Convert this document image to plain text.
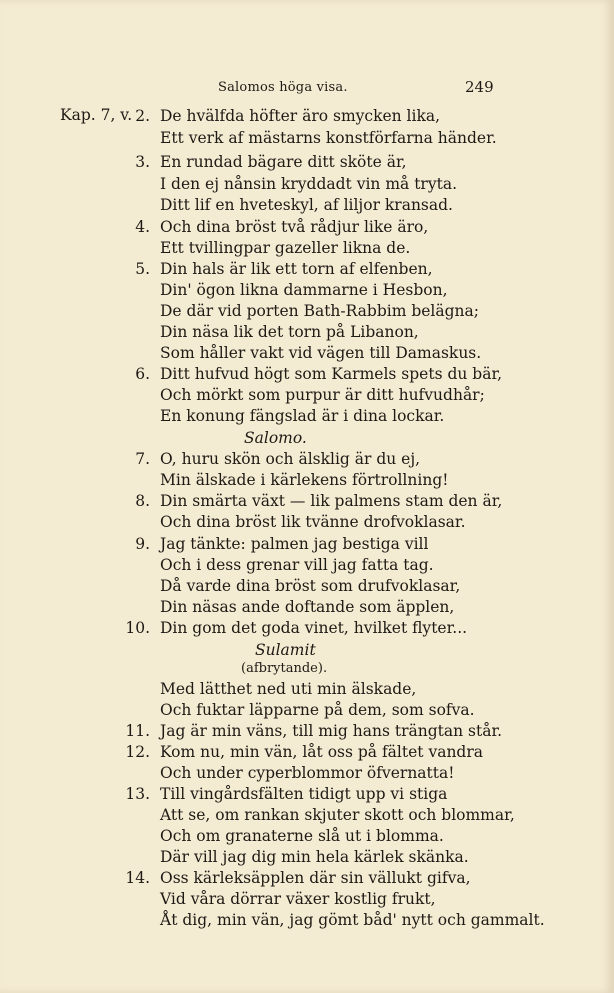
Salomos höga visa.	249
Kap. 7, v. 2. De hvälfda höfter äro smycken lika,
Ett verk af mästarns konstförfarna händer.
3. En rundad bägare ditt sköte är,
I den ej nånsin kryddadt vin må tryta.
Ditt lif en hveteskyl, af liljor kransad.
4. Och dina bröst två rådjur like äro,
Ett tvillingpar gazeller likna de.
5. Din hals är lik ett torn af elfenben,
Din' ögon likna dammarne i Hesbon,
De där vid porten Bath-Rabbim belägna;
Din näsa lik det torn på Libanon,
Som håller vakt vid vägen till Damaskus.
6. Ditt hufvud högt som Karmels spets du bär,
Och mörkt som purpur är ditt hufvudhår;
En konung fängslad är i dina lockar.
Salomo.
7. O, huru skön och älsklig är du ej,
Min älskade i kärlekens förtrollning!
8. Din smärta växt — lik palmens stam den är,
Och dina bröst lik tvänne drofvoklasar.
9. Jag tänkte: palmen jag bestiga vill
Och i dess grenar vill jag fatta tag.
Då varde dina bröst som drufvoklasar,
Din näsas ande doftande som äpplen,
10. Din gom det goda vinet, hvilket flyter...
Sulamit
(afbrytande).
Med lätthet ned uti min älskade,
Och fuktar läpparne på dem, som sofva.
11. Jag är min väns, till mig hans trängtan står.
12. Kom nu, min vän, låt oss på fältet vandra
Och under cyperblommor öfvernatta!
13. Till vingårdsfälten tidigt upp vi stiga
Att se, om rankan skjuter skott och blommar,
Och om granaterne slå ut i blomma.
Där vill jag dig min hela kärlek skänka.
14. Oss kärleksäpplen där sin vällukt gifva,
Vid våra dörrar växer kostlig frukt,
Åt dig, min vän, jag gömt båd' nytt och gammalt.
